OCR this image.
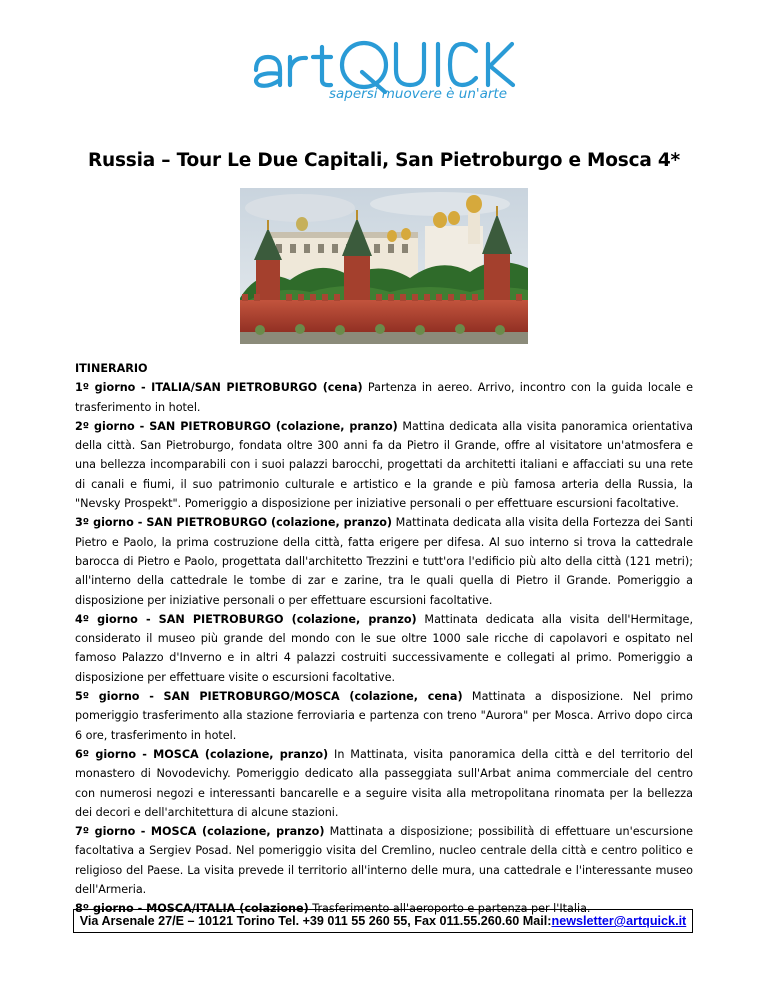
sapersi muovere è un'arte
Russia – Tour Le Due Capitali, San Pietroburgo e Mosca 4*

ITINERARIO

1º giorno - ITALIA/SAN PIETROBURGO (cena) Partenza in aereo. Arrivo, incontro con la guida locale e trasferimento in hotel.

2º giorno - SAN PIETROBURGO (colazione, pranzo) Mattina dedicata alla visita panoramica orientativa della città. San Pietroburgo, fondata oltre 300 anni fa da Pietro il Grande, offre al visitatore un'atmosfera e una bellezza incomparabili con i suoi palazzi barocchi, progettati da architetti italiani e affacciati su una rete di canali e fiumi, il suo patrimonio culturale e artistico e la grande e più famosa arteria della Russia, la "Nevsky Prospekt". Pomeriggio a disposizione per iniziative personali o per effettuare escursioni facoltative.

3º giorno - SAN PIETROBURGO (colazione, pranzo) Mattinata dedicata alla visita della Fortezza dei Santi Pietro e Paolo, la prima costruzione della città, fatta erigere per difesa. Al suo interno si trova la cattedrale barocca di Pietro e Paolo, progettata dall'architetto Trezzini e tutt'ora l'edificio più alto della città (121 metri); all'interno della cattedrale le tombe di zar e zarine, tra le quali quella di Pietro il Grande. Pomeriggio a disposizione per iniziative personali o per effettuare escursioni facoltative.

4º giorno - SAN PIETROBURGO (colazione, pranzo) Mattinata dedicata alla visita dell'Hermitage, considerato il museo più grande del mondo con le sue oltre 1000 sale ricche di capolavori e ospitato nel famoso Palazzo d'Inverno e in altri 4 palazzi costruiti successivamente e collegati al primo. Pomeriggio a disposizione per effettuare visite o escursioni facoltative.

5º giorno - SAN PIETROBURGO/MOSCA (colazione, cena) Mattinata a disposizione. Nel primo pomeriggio trasferimento alla stazione ferroviaria e partenza con treno "Aurora" per Mosca. Arrivo dopo circa 6 ore, trasferimento in hotel.

6º giorno - MOSCA (colazione, pranzo) In Mattinata, visita panoramica della città e del territorio del monastero di Novodevichy. Pomeriggio dedicato alla passeggiata sull'Arbat anima commerciale del centro con numerosi negozi e interessanti bancarelle e a seguire visita alla metropolitana rinomata per la bellezza dei decori e dell'architettura di alcune stazioni.

7º giorno - MOSCA (colazione, pranzo) Mattinata a disposizione; possibilità di effettuare un'escursione facoltativa a Sergiev Posad. Nel pomeriggio visita del Cremlino, nucleo centrale della città e centro politico e religioso del Paese. La visita prevede il territorio all'interno delle mura, una cattedrale e l'interessante museo dell'Armeria.

8º giorno - MOSCA/ITALIA (colazione) Trasferimento all'aeroporto e partenza per l'Italia.

Via Arsenale 27/E – 10121 Torino Tel. +39 011 55 260 55, Fax 011.55.260.60 Mail:newsletter@artquick.it
